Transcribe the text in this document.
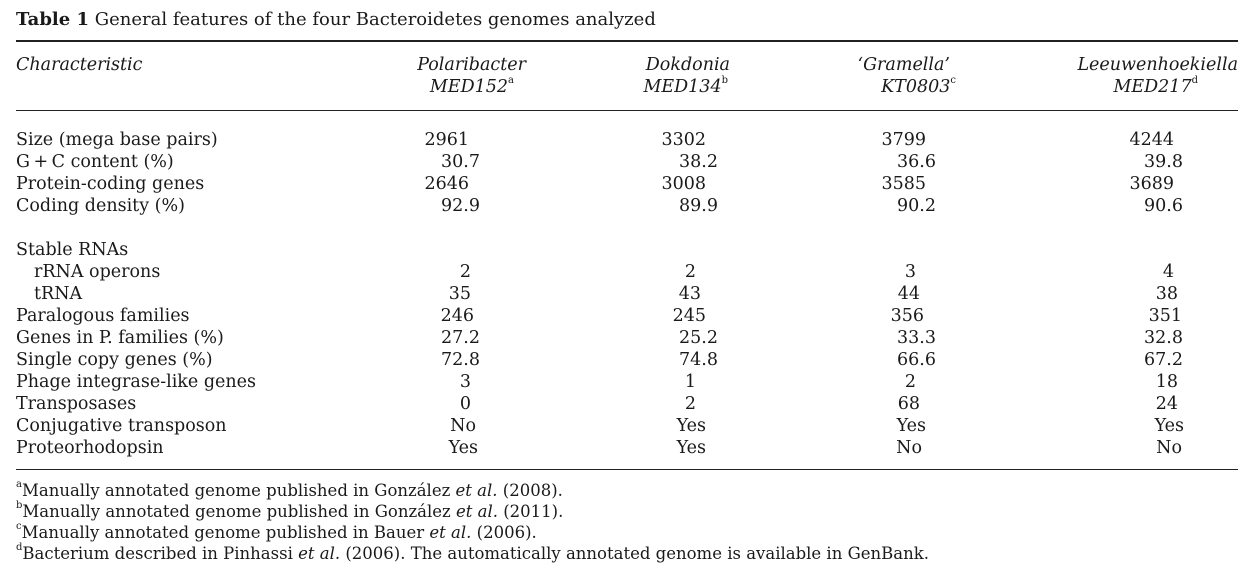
Table 1 General features of the four Bacteroidetes genomes analyzed
Characteristic	Polaribacter	Dokdonia	‘Gramella’	Leeuwenhoekiella
	MED152$^a$	MED134$^b$	KT0803$^c$	MED217$^d$

Size (mega base pairs)	2961	3302	3799	4244
G + C content (%)	30.7	38.2	36.6	39.8
Protein-coding genes	2646	3008	3585	3689
Coding density (%)	92.9	89.9	90.2	90.6
Stable RNAs				
rRNA operons	2	2	3	4
tRNA	35	43	44	38
Paralogous families	246	245	356	351
Genes in P. families (%)	27.2	25.2	33.3	32.8
Single copy genes (%)	72.8	74.8	66.6	67.2
Phage integrase-like genes	3	1	2	18
Transposases	0	2	68	24
Conjugative transposon	No	Yes	Yes	Yes
Proteorhodopsin	Yes	Yes	No	No
$^a$Manually annotated genome published in González et al. (2008).
$^b$Manually annotated genome published in González et al. (2011).
$^c$Manually annotated genome published in Bauer et al. (2006).
$^d$Bacterium described in Pinhassi et al. (2006). The automatically annotated genome is available in GenBank.
